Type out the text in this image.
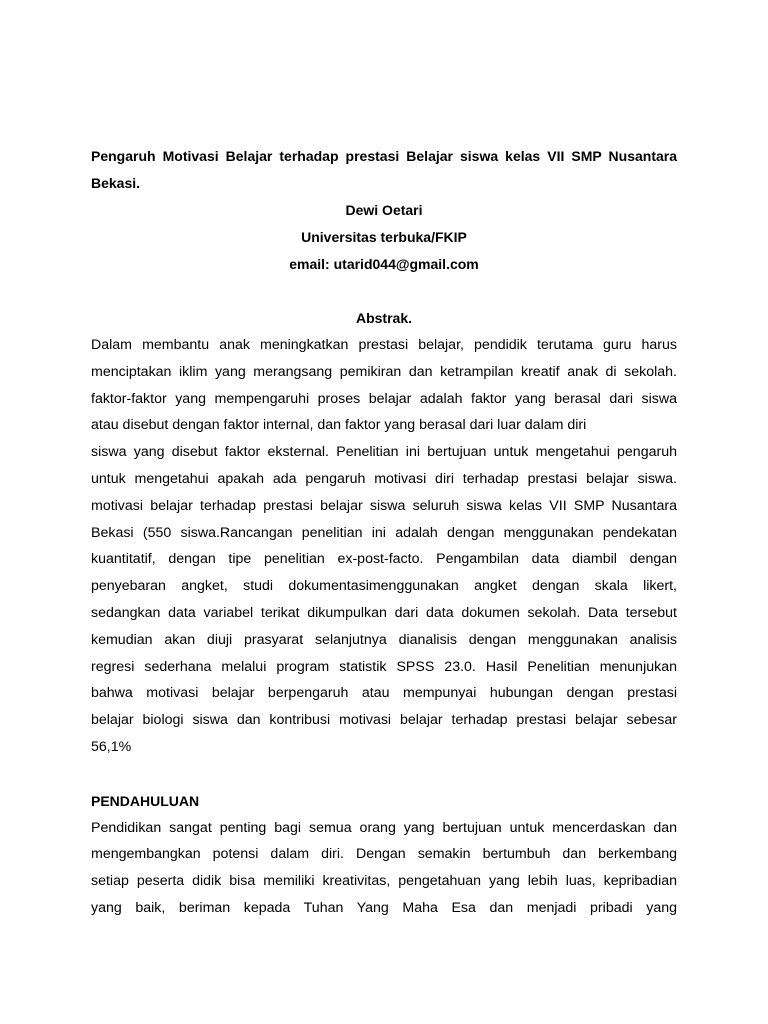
Pengaruh Motivasi Belajar terhadap prestasi Belajar siswa kelas VII SMP Nusantara Bekasi.

Dewi Oetari

Universitas terbuka/FKIP

email: utarid044@gmail.com

Abstrak.

Dalam membantu anak meningkatkan prestasi belajar, pendidik terutama guru harus

menciptakan iklim yang merangsang pemikiran dan ketrampilan kreatif anak di sekolah.

faktor-faktor yang mempengaruhi proses belajar adalah faktor yang berasal dari siswa

atau disebut dengan faktor internal, dan faktor yang berasal dari luar dalam diri

siswa yang disebut faktor eksternal. Penelitian ini bertujuan untuk mengetahui pengaruh

untuk mengetahui apakah ada pengaruh motivasi diri terhadap prestasi belajar siswa.

motivasi belajar terhadap prestasi belajar siswa seluruh siswa kelas VII SMP Nusantara

Bekasi (550 siswa.Rancangan penelitian ini adalah dengan menggunakan pendekatan

kuantitatif, dengan tipe penelitian ex-post-facto. Pengambilan data diambil dengan

penyebaran angket, studi dokumentasimenggunakan angket dengan skala likert,

sedangkan data variabel terikat dikumpulkan dari data dokumen sekolah. Data tersebut

kemudian akan diuji prasyarat selanjutnya dianalisis dengan menggunakan analisis

regresi sederhana melalui program statistik SPSS 23.0. Hasil Penelitian menunjukan

bahwa motivasi belajar berpengaruh atau mempunyai hubungan dengan prestasi

belajar biologi siswa dan kontribusi motivasi belajar terhadap prestasi belajar sebesar

56,1%

PENDAHULUAN

Pendidikan sangat penting bagi semua orang yang bertujuan untuk mencerdaskan dan

mengembangkan potensi dalam diri. Dengan semakin bertumbuh dan berkembang

setiap peserta didik bisa memiliki kreativitas, pengetahuan yang lebih luas, kepribadian

yang baik, beriman kepada Tuhan Yang Maha Esa dan menjadi pribadi yang
